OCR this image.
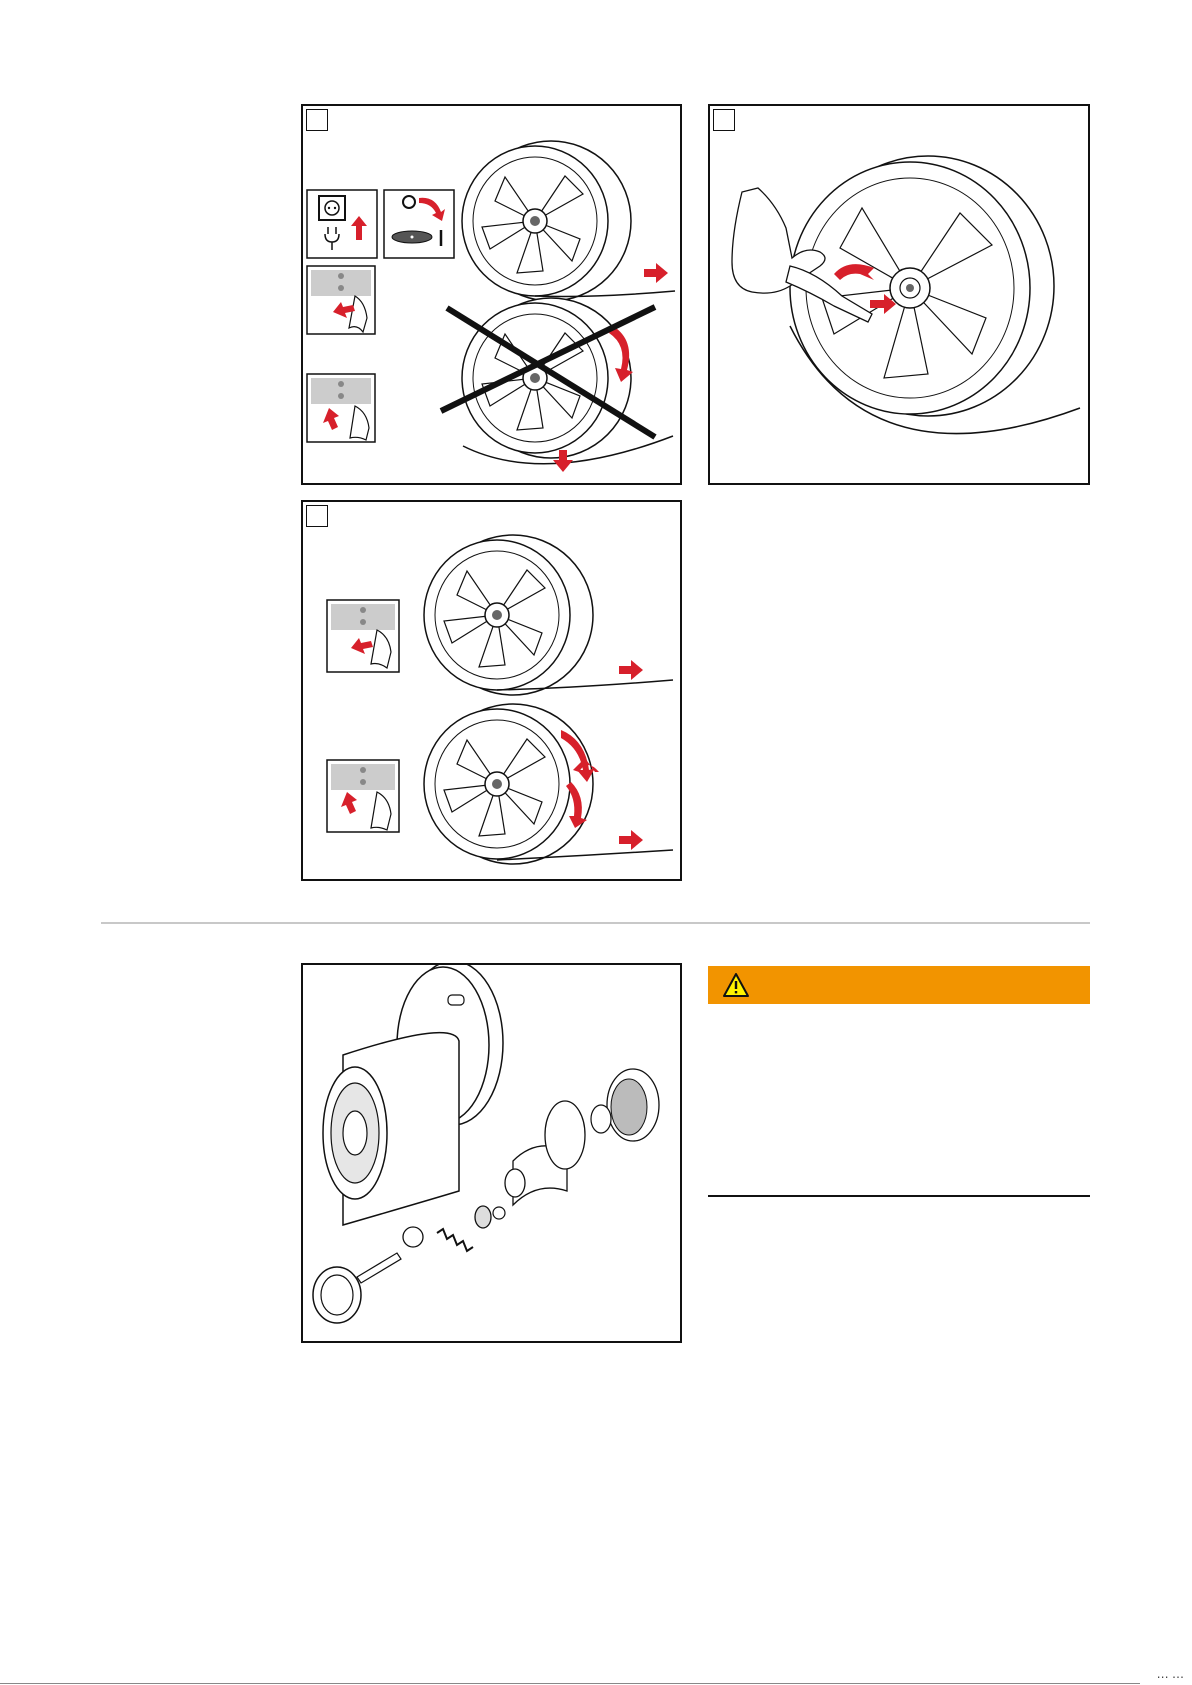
⋯ ⋯
